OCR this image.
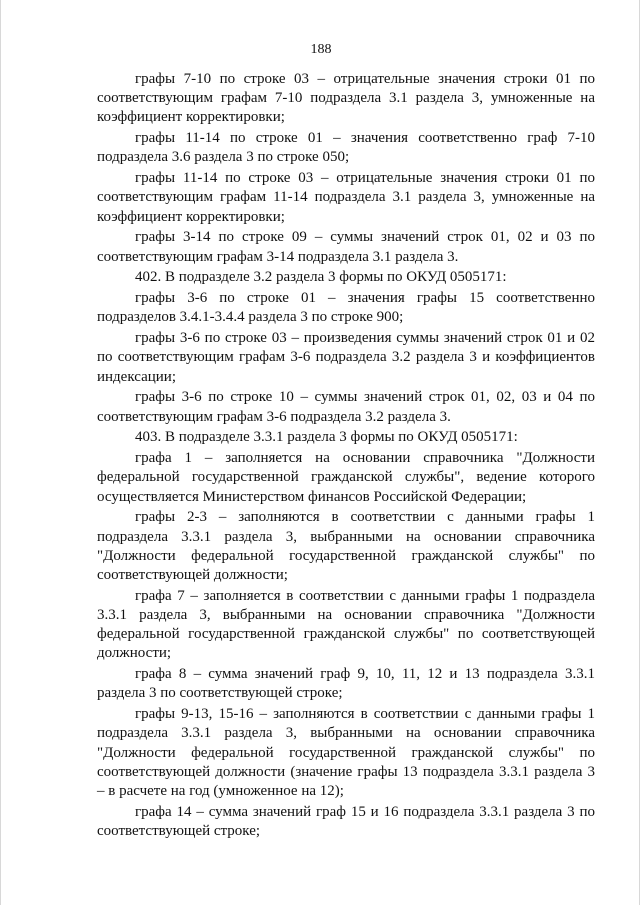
188

графы 7-10 по строке 03 – отрицательные значения строки 01 по соответствующим графам 7-10 подраздела 3.1 раздела 3, умноженные на коэффициент корректировки;

графы 11-14 по строке 01 – значения соответственно граф 7-10 подраздела 3.6 раздела 3 по строке 050;

графы 11-14 по строке 03 – отрицательные значения строки 01 по соответствующим графам 11-14 подраздела 3.1 раздела 3, умноженные на коэффициент корректировки;

графы 3-14 по строке 09 – суммы значений строк 01, 02 и 03 по соответствующим графам 3-14 подраздела 3.1 раздела 3.

402. В подразделе 3.2 раздела 3 формы по ОКУД 0505171:

графы 3-6 по строке 01 – значения графы 15 соответственно подразделов 3.4.1-3.4.4 раздела 3 по строке 900;

графы 3-6 по строке 03 – произведения суммы значений строк 01 и 02 по соответствующим графам 3-6 подраздела 3.2 раздела 3 и коэффициентов индексации;

графы 3-6 по строке 10 – суммы значений строк 01, 02, 03 и 04 по соответствующим графам 3-6 подраздела 3.2 раздела 3.

403. В подразделе 3.3.1 раздела 3 формы по ОКУД 0505171:

графа 1 – заполняется на основании справочника "Должности федеральной государственной гражданской службы", ведение которого осуществляется Министерством финансов Российской Федерации;

графы 2-3 – заполняются в соответствии с данными графы 1 подраздела 3.3.1 раздела 3, выбранными на основании справочника "Должности федеральной государственной гражданской службы" по соответствующей должности;

графа 7 – заполняется в соответствии с данными графы 1 подраздела 3.3.1 раздела 3, выбранными на основании справочника "Должности федеральной государственной гражданской службы" по соответствующей должности;

графа 8 – сумма значений граф 9, 10, 11, 12 и 13 подраздела 3.3.1 раздела 3 по соответствующей строке;

графы 9-13, 15-16 – заполняются в соответствии с данными графы 1 подраздела 3.3.1 раздела 3, выбранными на основании справочника "Должности федеральной государственной гражданской службы" по соответствующей должности (значение графы 13 подраздела 3.3.1 раздела 3 – в расчете на год (умноженное на 12);

графа 14 – сумма значений граф 15 и 16 подраздела 3.3.1 раздела 3 по соответствующей строке;
